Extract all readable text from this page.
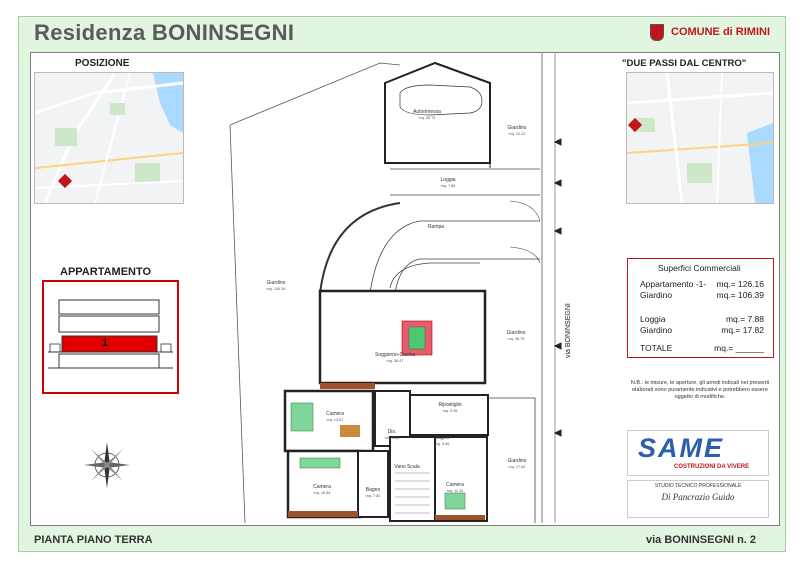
Residenza BONINSEGNI	COMUNE di RIMINI
POSIZIONE
APPARTAMENTO
1
Autorimessa
mq. 26.74
Giardino
mq. 12.02
Loggia
mq. 7.88
Rampa
Giardino
mq. 106.39
Giardino
mq. 38.75
Soggiorno-Cucina
mq. 38.47
Camera
mq. 13.87
Dis.
mq. 4.82
Ripostiglio
mq. 5.96
Bagno
mq. 5.66
Camera
mq. 16.84
Vano Scala
Bagno
mq. 7.82
Camera
mq. 11.25
Giardino
mq. 17.82
via BONINSEGNI
"DUE PASSI DAL CENTRO"
Superfici Commerciali
Appartamento -1- mq.= 126.16
Giardino	mq.= 106.39
Loggia	mq.= 7.88
Giardino	mq.= 17.82
TOTALE	mq.= ______
N.B.: le misure, le aperture, gli arredi indicati nei presenti elaborati sono puramente indicativi e potrebbero essere oggetto di modifiche.
SAME
COSTRUZIONI DA VIVERE
STUDIO TECNICO PROFESSIONALE
Di Pancrazio Guido
PIANTA PIANO TERRA	via BONINSEGNI n. 2
